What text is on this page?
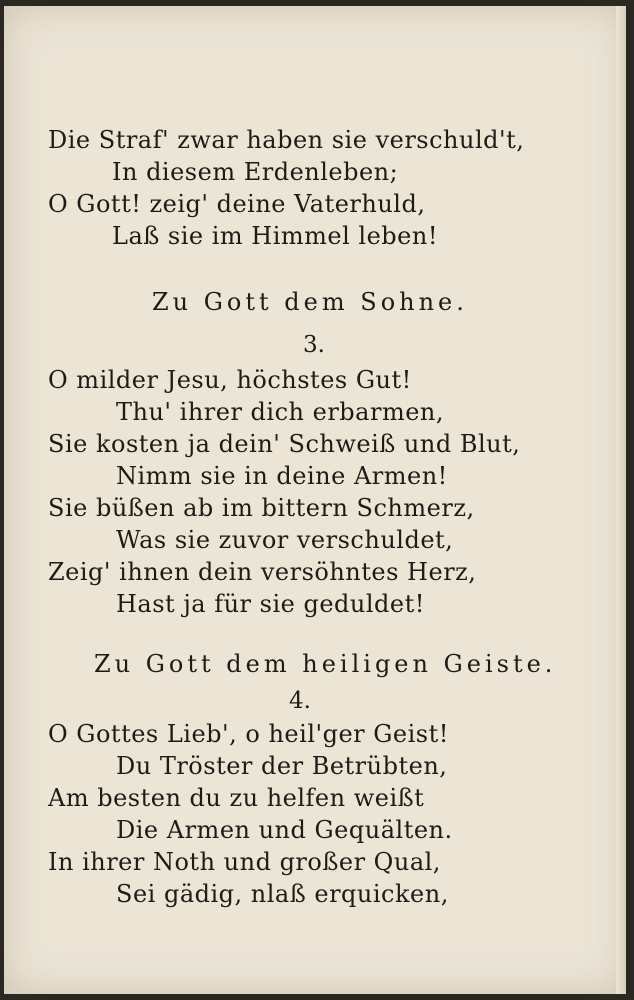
Die Straf' zwar haben sie verschuld't,
In diesem Erdenleben;
O Gott! zeig' deine Vaterhuld,
Laß sie im Himmel leben!
Zu Gott dem Sohne.
3.
O milder Jesu, höchstes Gut!
Thu' ihrer dich erbarmen,
Sie kosten ja dein' Schweiß und Blut,
Nimm sie in deine Armen!
Sie büßen ab im bittern Schmerz,
Was sie zuvor verschuldet,
Zeig' ihnen dein versöhntes Herz,
Hast ja für sie geduldet!
Zu Gott dem heiligen Geiste.
4.
O Gottes Lieb', o heil'ger Geist!
Du Tröster der Betrübten,
Am besten du zu helfen weißt
Die Armen und Gequälten.
In ihrer Noth und großer Qual,
Sei gädig, nlaß erquicken,
